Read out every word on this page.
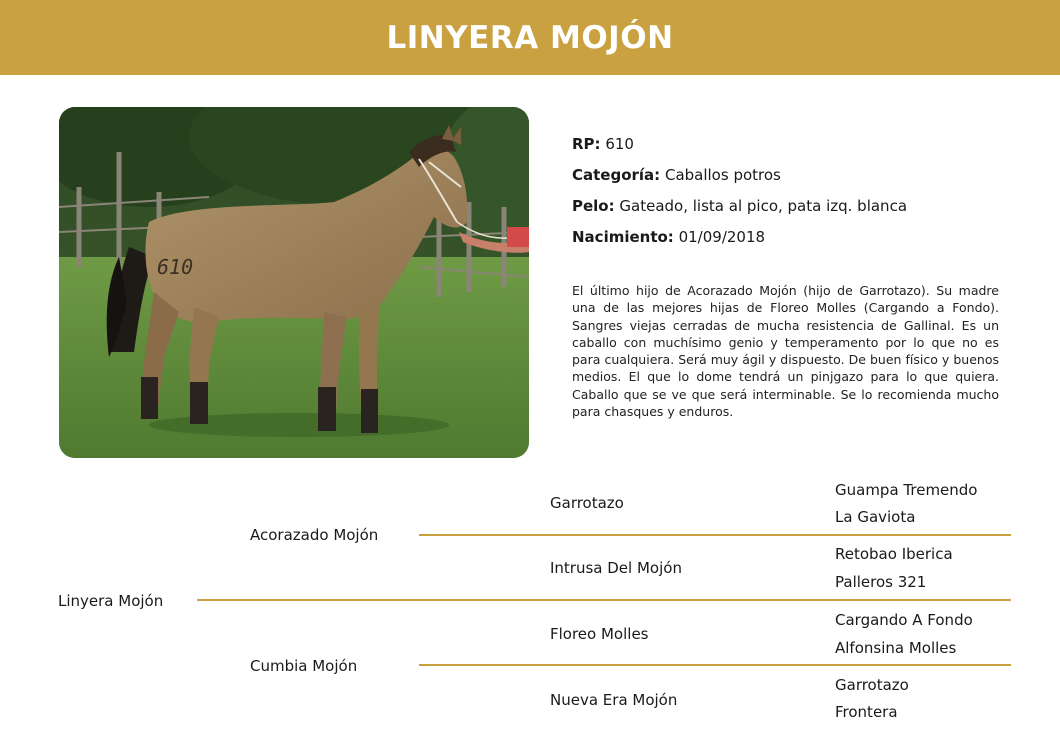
LINYERA MOJÓN
610
RP: 610
Categoría: Caballos potros
Pelo: Gateado, lista al pico, pata izq. blanca
Nacimiento: 01/09/2018
El último hijo de Acorazado Mojón (hijo de Garrotazo). Su madre una de las mejores hijas de Floreo Molles (Cargando a Fondo). Sangres viejas cerradas de mucha resistencia de Gallinal. Es un caballo con muchísimo genio y temperamento por lo que no es para cualquiera. Será muy ágil y dispuesto. De buen físico y buenos medios. El que lo dome tendrá un pinjgazo para lo que quiera. Caballo que se ve que será interminable. Se lo recomienda mucho para chasques y enduros.
Linyera Mojón
Acorazado Mojón
Cumbia Mojón
Garrotazo
Intrusa Del Mojón
Floreo Molles
Nueva Era Mojón
Guampa Tremendo
La Gaviota
Retobao Iberica
Palleros 321
Cargando A Fondo
Alfonsina Molles
Garrotazo
Frontera
